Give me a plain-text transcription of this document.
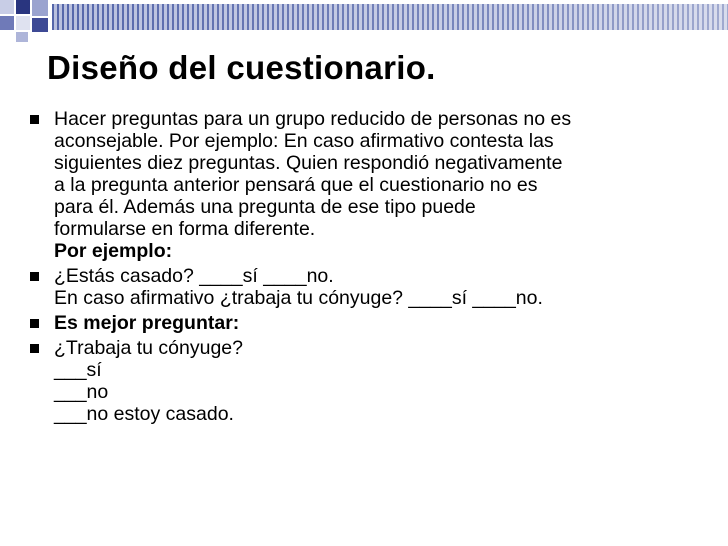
Diseño del cuestionario.
Hacer preguntas para un grupo reducido de personas no es
aconsejable. Por ejemplo: En caso afirmativo contesta las
siguientes diez preguntas. Quien respondió negativamente
a la pregunta anterior pensará que el cuestionario no es
para él. Además una pregunta de ese tipo puede
formularse en forma diferente.
Por ejemplo:
¿Estás casado? ____sí ____no.
En caso afirmativo ¿trabaja tu cónyuge? ____sí ____no.
Es mejor preguntar:
¿Trabaja tu cónyuge?
___sí
___no
___no estoy casado.
